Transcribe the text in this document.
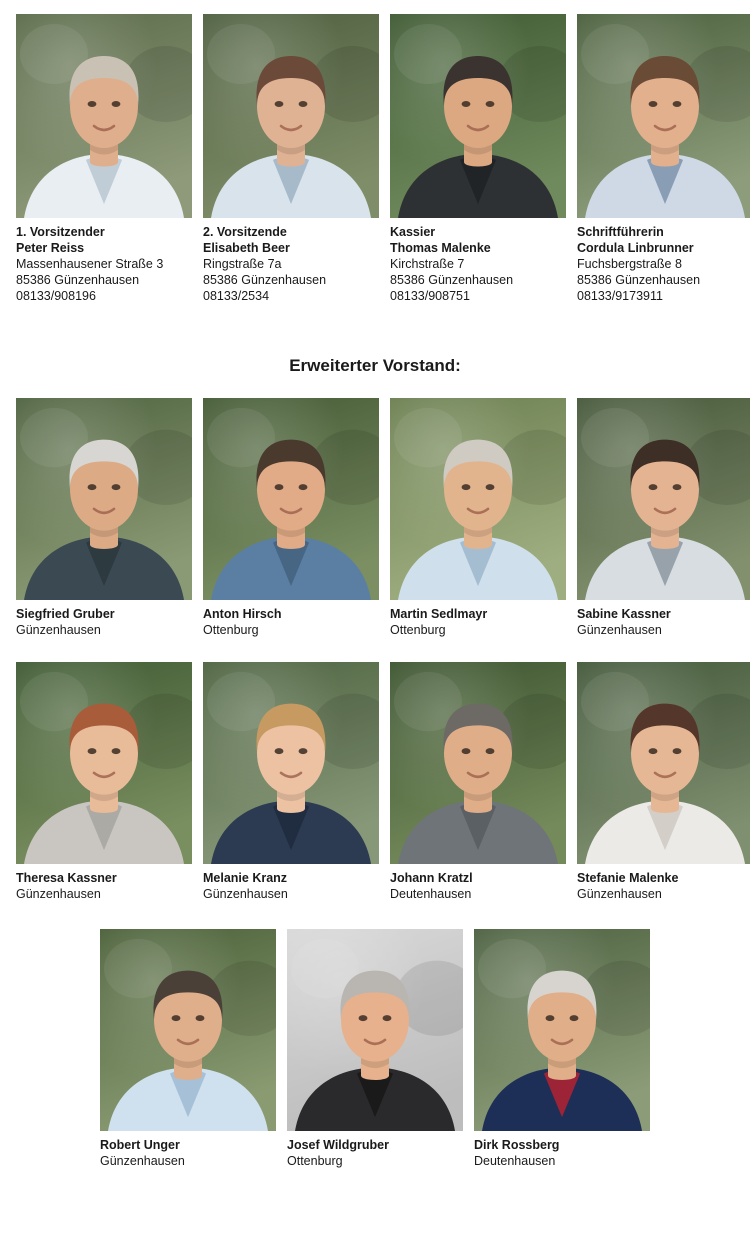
1. Vorsitzender
Peter Reiss
Massenhausener Straße 3
85386 Günzenhausen
08133/908196
2. Vorsitzende
Elisabeth Beer
Ringstraße 7a
85386 Günzenhausen
08133/2534
Kassier
Thomas Malenke
Kirchstraße 7
85386 Günzenhausen
08133/908751
Schriftführerin
Cordula Linbrunner
Fuchsbergstraße 8
85386 Günzenhausen
08133/9173911
Erweiterter Vorstand:
Siegfried Gruber
Günzenhausen
Anton Hirsch
Ottenburg
Martin Sedlmayr
Ottenburg
Sabine Kassner
Günzenhausen
Theresa Kassner
Günzenhausen
Melanie Kranz
Günzenhausen
Johann Kratzl
Deutenhausen
Stefanie Malenke
Günzenhausen
Robert Unger
Günzenhausen
Josef Wildgruber
Ottenburg
Dirk Rossberg
Deutenhausen
